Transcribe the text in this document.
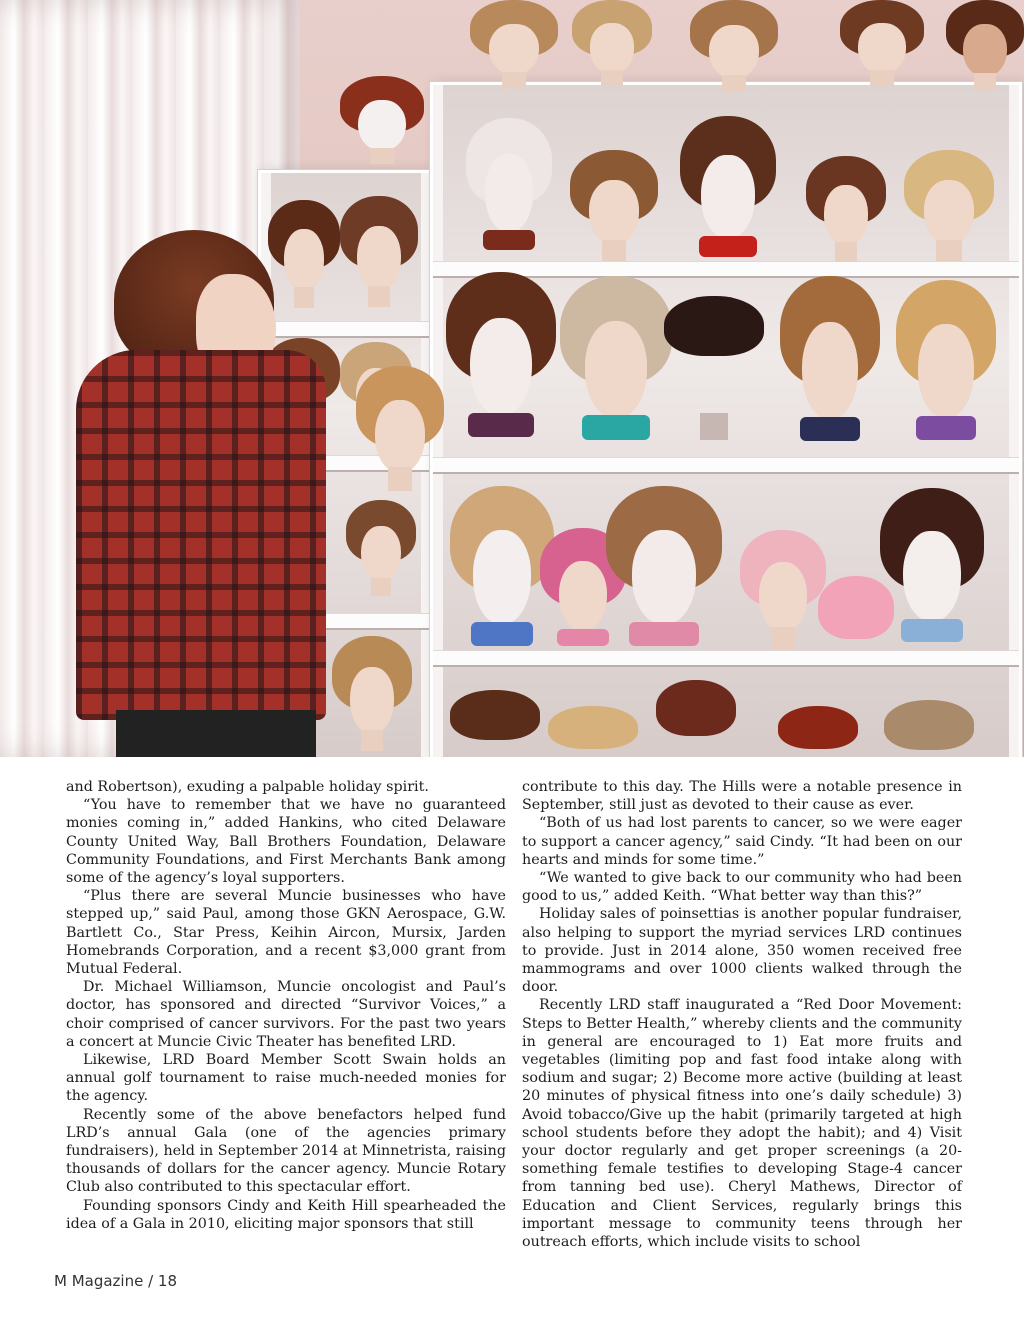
and Robertson), exuding a palpable holiday spirit.

“You have to remember that we have no guaranteed monies coming in,” added Hankins, who cited Delaware County United Way, Ball Brothers Foundation, Delaware Community Foundations, and First Merchants Bank among some of the agency’s loyal supporters.

“Plus there are several Muncie businesses who have stepped up,” said Paul, among those GKN Aerospace, G.W. Bartlett Co., Star Press, Keihin Aircon, Mursix, Jarden Homebrands Corporation, and a recent $3,000 grant from Mutual Federal.

Dr. Michael Williamson, Muncie oncologist and Paul’s doctor, has sponsored and directed “Survivor Voices,” a choir comprised of cancer survivors. For the past two years a concert at Muncie Civic Theater has benefited LRD.

Likewise, LRD Board Member Scott Swain holds an annual golf tournament to raise much-needed monies for the agency.

Recently some of the above benefactors helped fund LRD’s annual Gala (one of the agencies primary fundraisers), held in September 2014 at Minnetrista, raising thousands of dollars for the cancer agency. Muncie Rotary Club also contributed to this spectacular effort.

Founding sponsors Cindy and Keith Hill spearheaded the idea of a Gala in 2010, eliciting major sponsors that still

contribute to this day. The Hills were a notable presence in September, still just as devoted to their cause as ever.

“Both of us had lost parents to cancer, so we were eager to support a cancer agency,” said Cindy. “It had been on our hearts and minds for some time.”

“We wanted to give back to our community who had been good to us,” added Keith. “What better way than this?”

Holiday sales of poinsettias is another popular fundraiser, also helping to support the myriad services LRD continues to provide. Just in 2014 alone, 350 women received free mammograms and over 1000 clients walked through the door.

Recently LRD staff inaugurated a “Red Door Movement: Steps to Better Health,” whereby clients and the community in general are encouraged to 1) Eat more fruits and vegetables (limiting pop and fast food intake along with sodium and sugar; 2) Become more active (building at least 20 minutes of physical fitness into one’s daily schedule) 3) Avoid tobacco/Give up the habit (primarily targeted at high school students before they adopt the habit); and 4) Visit your doctor regularly and get proper screenings (a 20-something female testifies to developing Stage-4 cancer from tanning bed use). Cheryl Mathews, Director of Education and Client Services, regularly brings this important message to community teens through her outreach efforts, which include visits to school

M Magazine / 18
